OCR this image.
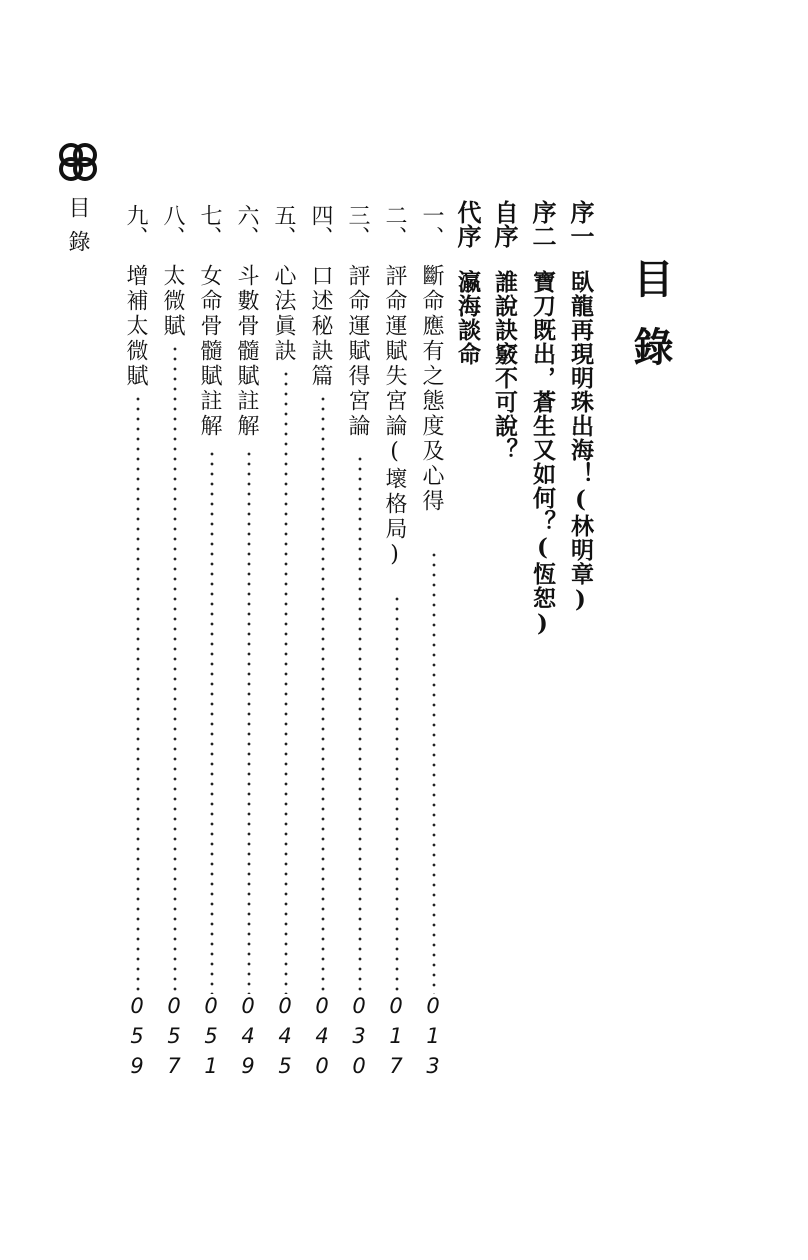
目錄
目錄
序一
臥龍再現明珠出海！(林明章)
序二
寶刀既出，蒼生又如何？(恆恕)
自序
誰說訣竅不可說？
代序
瀛海談命
一、
斷命應有之態度及心得
013
二、
評命運賦失宮論(壞格局)
017
三、
評命運賦得宮論
030
四、
口述秘訣篇
040
五、
心法眞訣
045
六、
斗數骨髓賦註解
049
七、
女命骨髓賦註解
051
八、
太微賦
057
九、
增補太微賦
059
